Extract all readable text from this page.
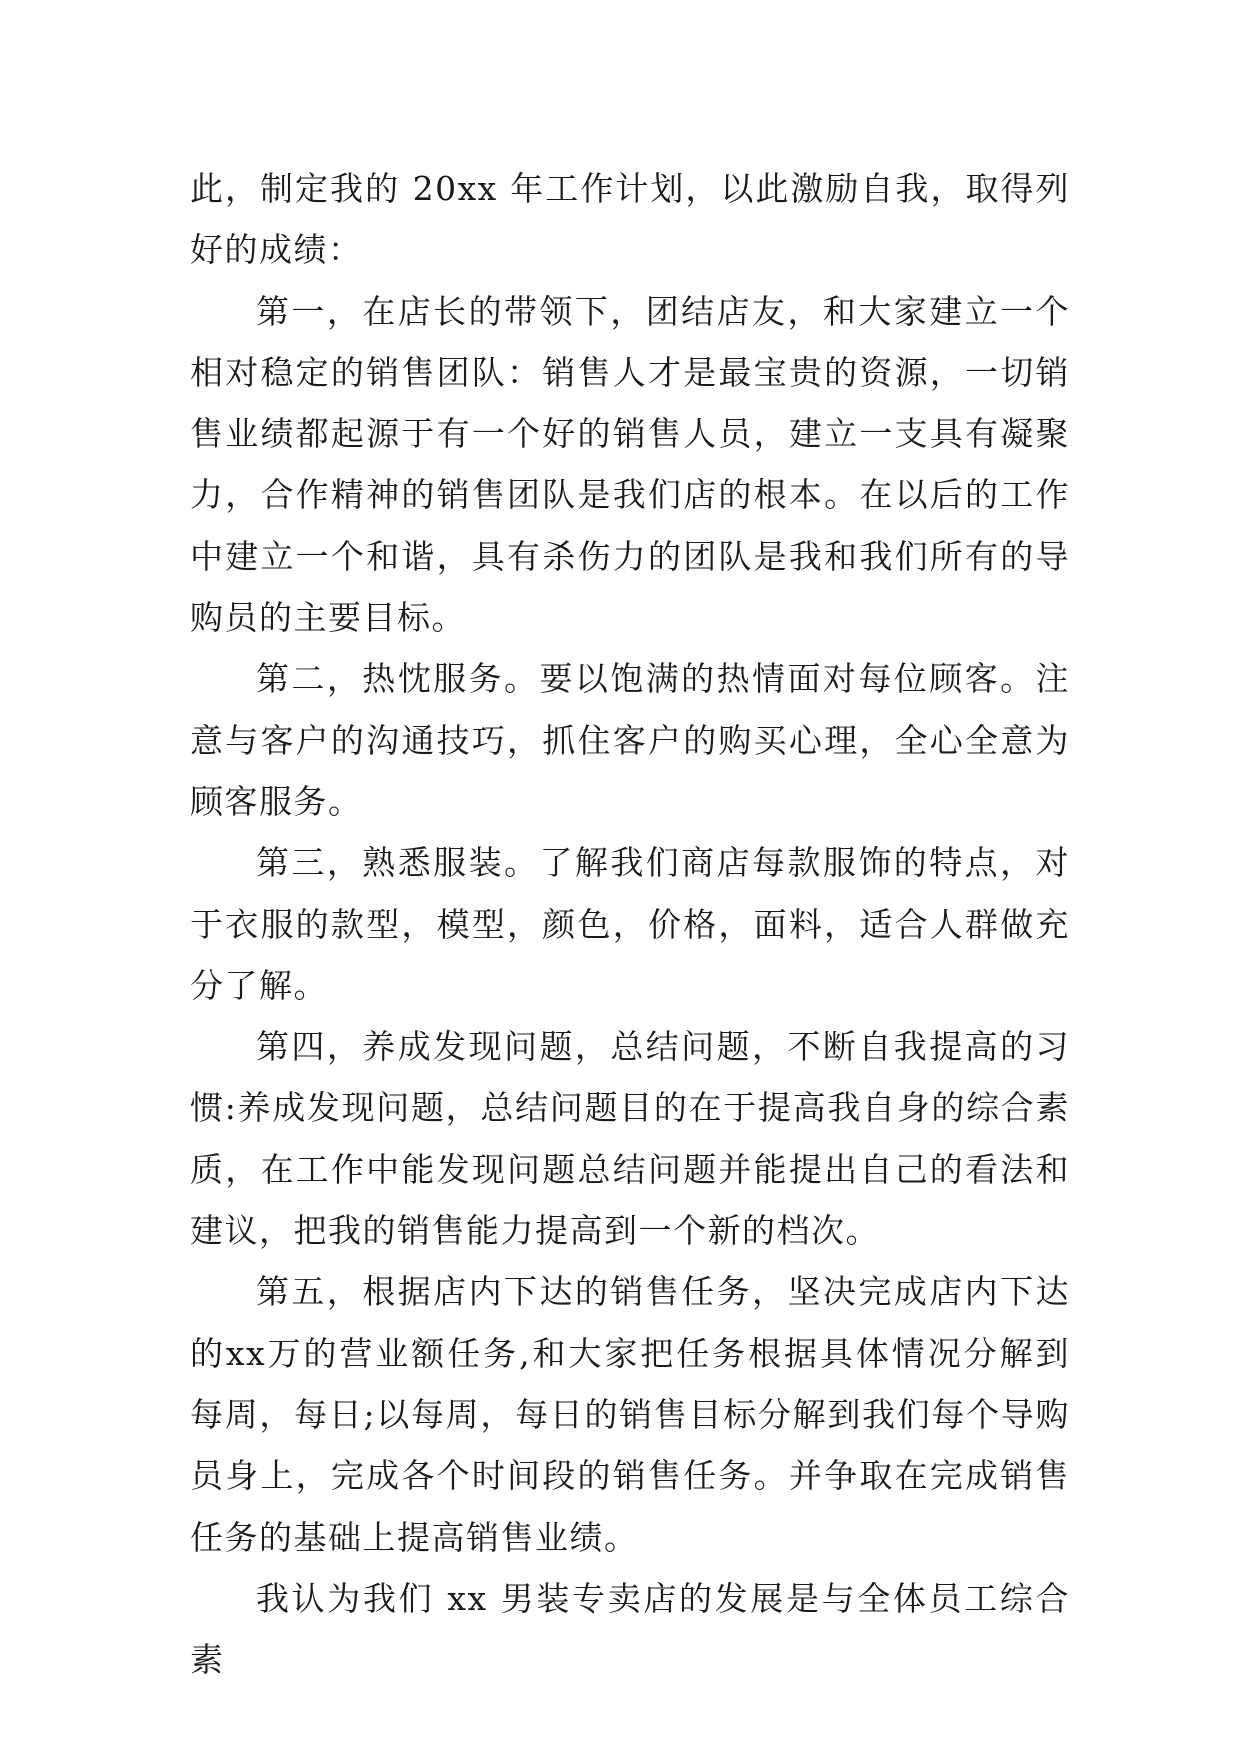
此，制定我的 20xx 年工作计划，以此激励自我，取得列好的成绩：

第一，在店长的带领下，团结店友，和大家建立一个相对稳定的销售团队：销售人才是最宝贵的资源，一切销售业绩都起源于有一个好的销售人员，建立一支具有凝聚力，合作精神的销售团队是我们店的根本。在以后的工作中建立一个和谐，具有杀伤力的团队是我和我们所有的导购员的主要目标。

第二，热忱服务。要以饱满的热情面对每位顾客。注意与客户的沟通技巧，抓住客户的购买心理，全心全意为顾客服务。

第三，熟悉服装。了解我们商店每款服饰的特点，对于衣服的款型，模型，颜色，价格，面料，适合人群做充分了解。

第四，养成发现问题，总结问题，不断自我提高的习惯:养成发现问题，总结问题目的在于提高我自身的综合素质，在工作中能发现问题总结问题并能提出自己的看法和建议，把我的销售能力提高到一个新的档次。

第五，根据店内下达的销售任务，坚决完成店内下达的xx万的营业额任务,和大家把任务根据具体情况分解到每周，每日;以每周，每日的销售目标分解到我们每个导购员身上，完成各个时间段的销售任务。并争取在完成销售任务的基础上提高销售业绩。

我认为我们 xx 男装专卖店的发展是与全体员工综合素
